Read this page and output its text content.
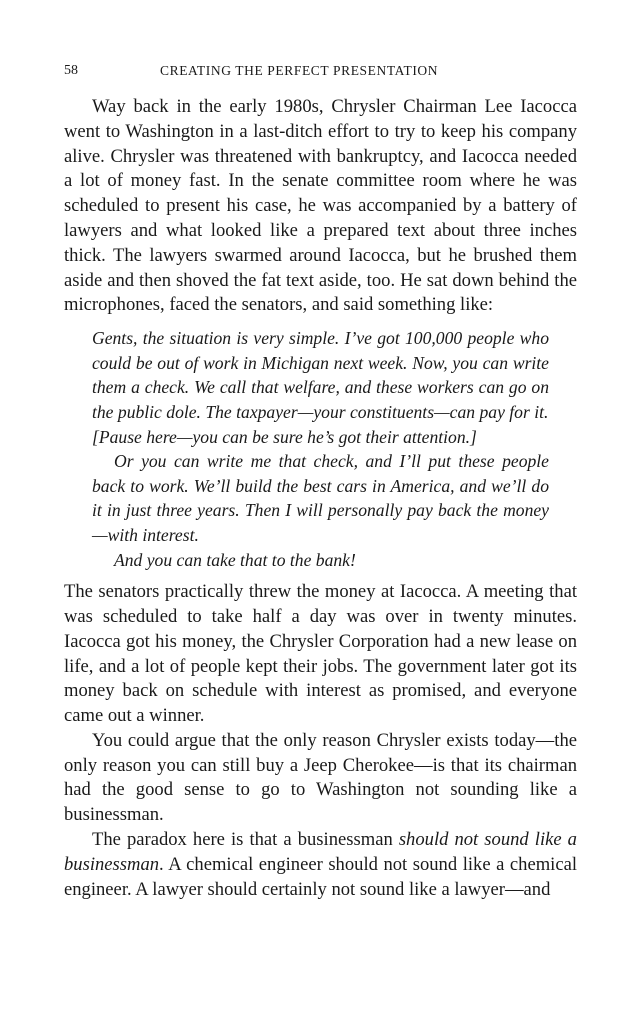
58	CREATING THE PERFECT PRESENTATION

Way back in the early 1980s, Chrysler Chairman Lee Iacocca went to Washington in a last-ditch effort to try to keep his company alive. Chrysler was threatened with bankruptcy, and Iacocca needed a lot of money fast. In the senate committee room where he was scheduled to present his case, he was accompanied by a battery of lawyers and what looked like a prepared text about three inches thick. The lawyers swarmed around Iacocca, but he brushed them aside and then shoved the fat text aside, too. He sat down behind the microphones, faced the senators, and said something like:

Gents, the situation is very simple. I’ve got 100,000 people who could be out of work in Michigan next week. Now, you can write them a check. We call that welfare, and these workers can go on the public dole. The taxpayer—your constituents—can pay for it.

[Pause here—you can be sure he’s got their attention.]

Or you can write me that check, and I’ll put these people back to work. We’ll build the best cars in America, and we’ll do it in just three years. Then I will personally pay back the money—with interest.

And you can take that to the bank!

The senators practically threw the money at Iacocca. A meeting that was scheduled to take half a day was over in twenty minutes. Iacocca got his money, the Chrysler Corporation had a new lease on life, and a lot of people kept their jobs. The government later got its money back on schedule with interest as promised, and everyone came out a winner.

You could argue that the only reason Chrysler exists today—the only reason you can still buy a Jeep Cherokee—is that its chairman had the good sense to go to Washington not sounding like a businessman.

The paradox here is that a businessman should not sound like a businessman. A chemical engineer should not sound like a chemical engineer. A lawyer should certainly not sound like a lawyer—and
